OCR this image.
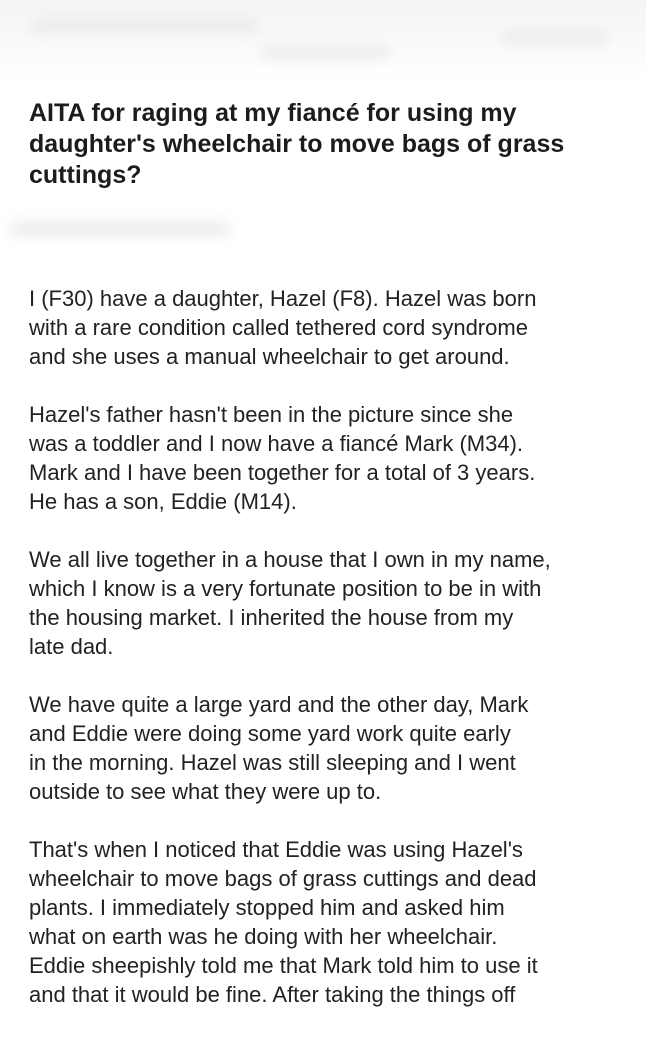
AITA for raging at my fiancé for using my daughter's wheelchair to move bags of grass cuttings?

I (F30) have a daughter, Hazel (F8). Hazel was born
with a rare condition called tethered cord syndrome
and she uses a manual wheelchair to get around.

Hazel's father hasn't been in the picture since she
was a toddler and I now have a fiancé Mark (M34).
Mark and I have been together for a total of 3 years.
He has a son, Eddie (M14).

We all live together in a house that I own in my name,
which I know is a very fortunate position to be in with
the housing market. I inherited the house from my
late dad.

We have quite a large yard and the other day, Mark
and Eddie were doing some yard work quite early
in the morning. Hazel was still sleeping and I went
outside to see what they were up to.

That's when I noticed that Eddie was using Hazel's
wheelchair to move bags of grass cuttings and dead
plants. I immediately stopped him and asked him
what on earth was he doing with her wheelchair.
Eddie sheepishly told me that Mark told him to use it
and that it would be fine. After taking the things off
